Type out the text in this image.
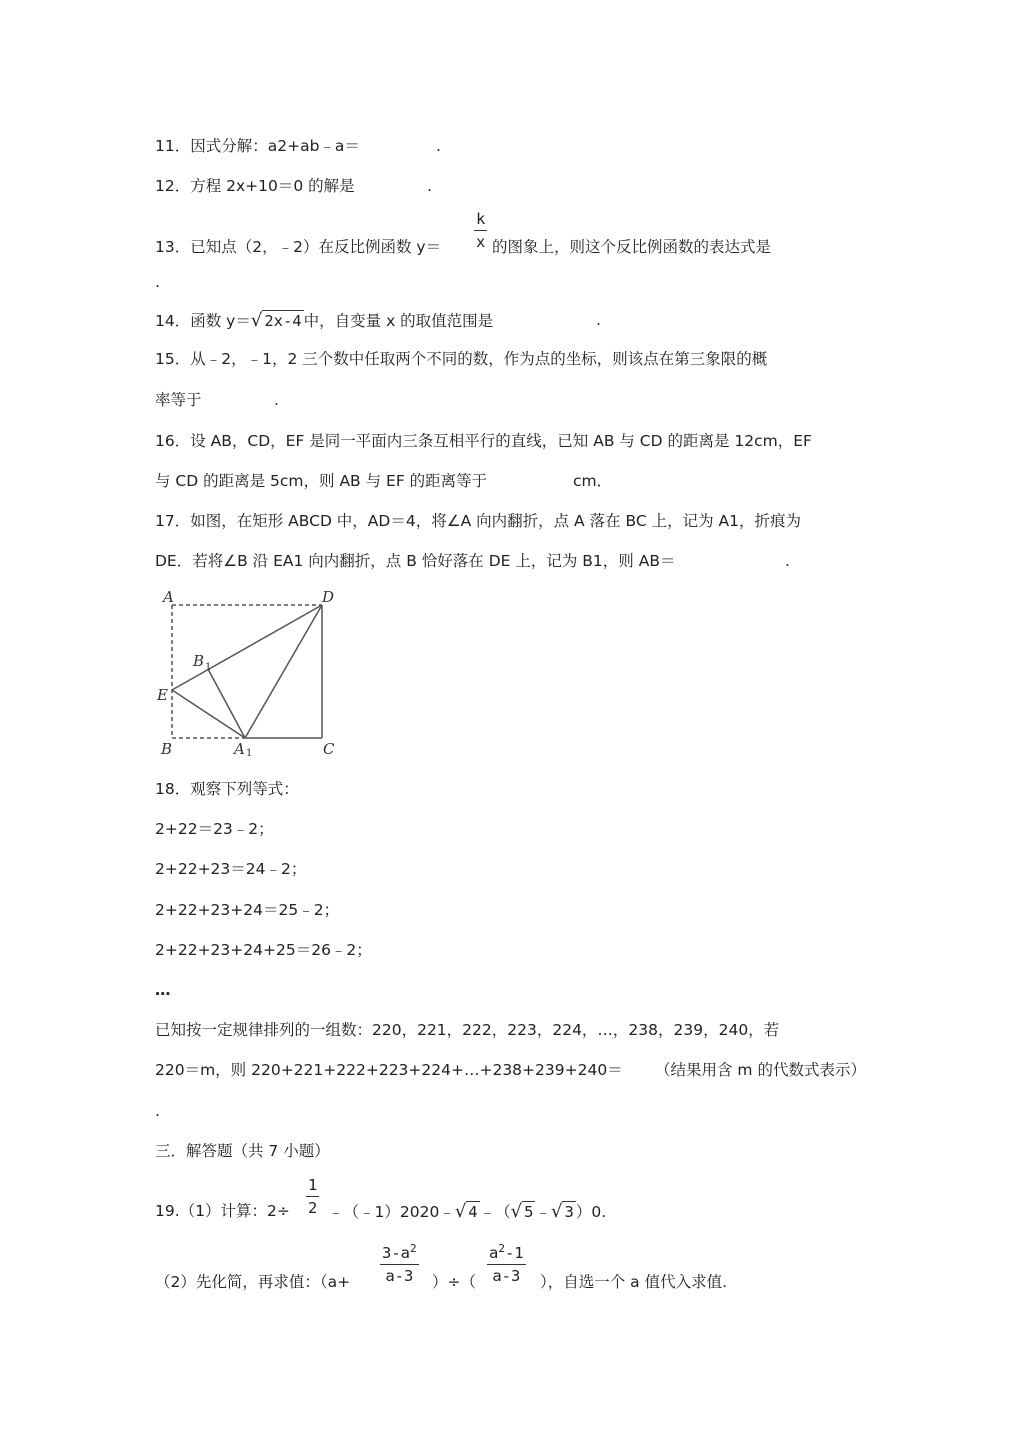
11．因式分解：a2+ab﹣a＝	.
12．方程 2x+10＝0 的解是	.
13．已知点（2，﹣2）在反比例函数 y＝
k
x 的图象上，则这个反比例函数的表达式是
.
14．函数 y＝√ 2x-4 中，自变量 x 的取值范围是	.
15．从﹣2，﹣1，2 三个数中任取两个不同的数，作为点的坐标，则该点在第三象限的概
率等于	.
16．设 AB，CD，EF 是同一平面内三条互相平行的直线，已知 AB 与 CD 的距离是 12cm，EF
与 CD 的距离是 5cm，则 AB 与 EF 的距离等于	cm．
17．如图，在矩形 ABCD 中，AD＝4，将∠A 向内翻折，点 A 落在 BC 上，记为 A1，折痕为
DE．若将∠B 沿 EA1 向内翻折，点 B 恰好落在 DE 上，记为 B1，则 AB＝	.
A	D
B 1
E
B	A 1	C
18．观察下列等式：
2+22＝23﹣2；
2+22+23＝24﹣2；
2+22+23+24＝25﹣2；
2+22+23+24+25＝26﹣2；
…
已知按一定规律排列的一组数：220，221，222，223，224，…，238，239，240，若
220＝m，则 220+221+222+223+224+…+238+239+240＝ （结果用含 m 的代数式表示）
.
三．解答题（共 7 小题）
19.（1）计算：2÷
1
2 ﹣（﹣1）2020﹣√ 4 ﹣（√ 5 ﹣√ 3 ）0.
（2）先化简，再求值：（a+
$3-a^2$
a-3	）÷（
$a^2-1$
a-3	），自选一个 a 值代入求值.
